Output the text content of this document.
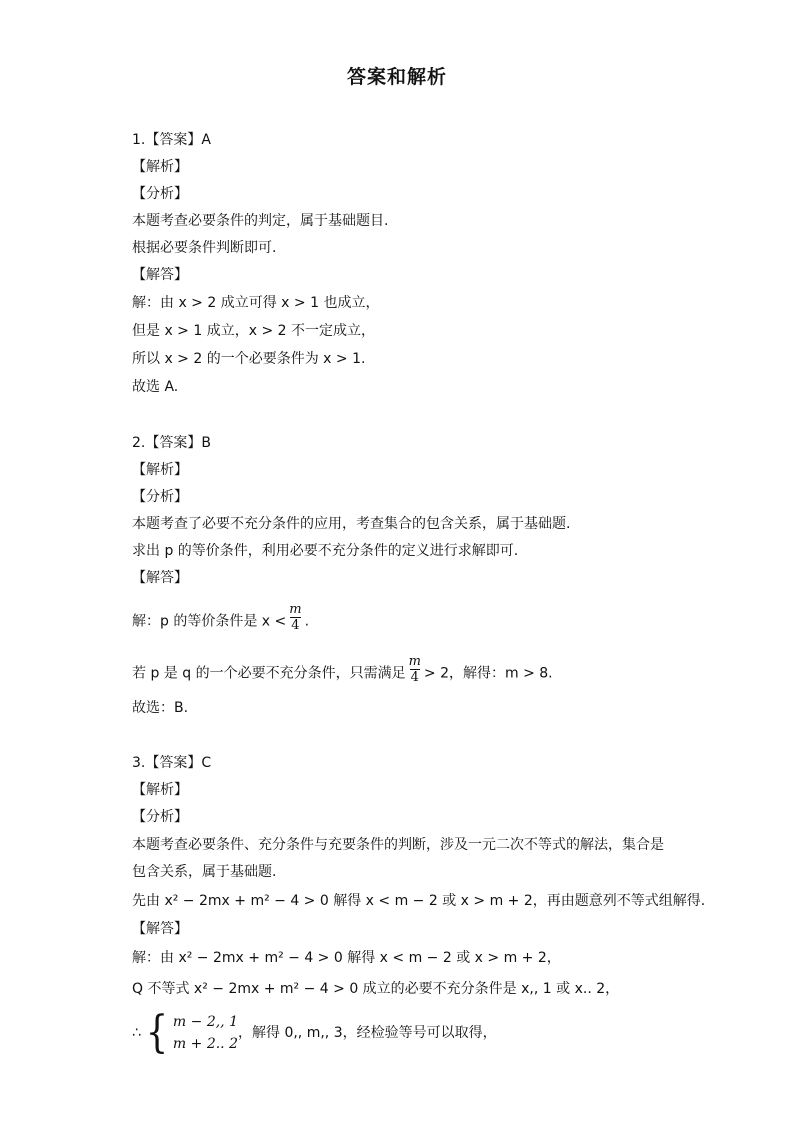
答案和解析
1.【答案】A
【解析】
【分析】
本题考查必要条件的判定，属于基础题目.
根据必要条件判断即可.
【解答】
解：由 x > 2 成立可得 x > 1 也成立，
但是 x > 1 成立，x > 2 不一定成立，
所以 x > 2 的一个必要条件为 x > 1.
故选 A.
2.【答案】B
【解析】
【分析】
本题考查了必要不充分条件的应用，考查集合的包含关系，属于基础题.
求出 p 的等价条件，利用必要不充分条件的定义进行求解即可.
【解答】
解：p 的等价条件是 $x < \frac{m}{4}$ .
若 p 是 q 的一个必要不充分条件，只需满足 $\frac{m}{4} > 2$，解得：m > 8.
故选：B.
3.【答案】C
【解析】
【分析】
本题考查必要条件、充分条件与充要条件的判断，涉及一元二次不等式的解法，集合是
包含关系，属于基础题.
先由 x² − 2mx + m² − 4 > 0 解得 x < m − 2 或 x > m + 2，再由题意列不等式组解得.
【解答】
解：由 x² − 2mx + m² − 4 > 0 解得 x < m − 2 或 x > m + 2，
Q 不等式 x² − 2mx + m² − 4 > 0 成立的必要不充分条件是 x,, 1 或 x.. 2，
∴ { m − 2,, 1
m + 2.. 2
，解得 0,, m,, 3，经检验等号可以取得，
